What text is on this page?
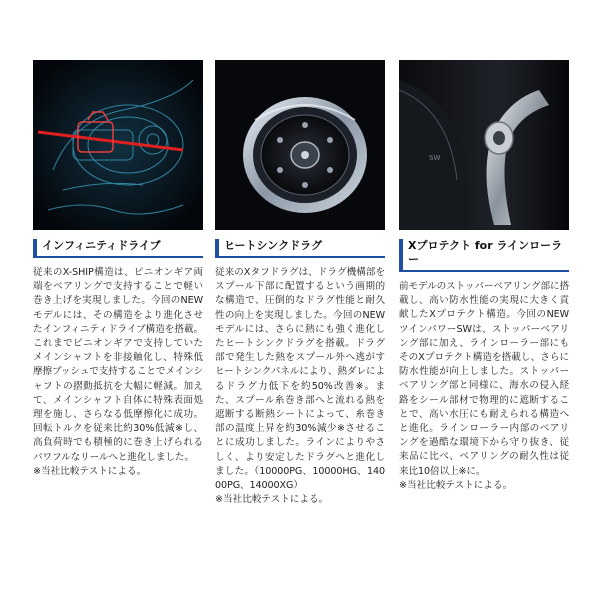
インフィニティドライブ
従来のX-SHIP構造は、ピニオンギア両端をベアリングで支持することで軽い巻き上げを実現しました。今回のNEWモデルには、その構造をより進化させたインフィニティドライブ構造を搭載。これまでピニオンギアで支持していたメインシャフトを非接触化し、特殊低摩擦ブッシュで支持することでメインシャフトの摺動抵抗を大幅に軽減。加えて、メインシャフト自体に特殊表面処理を施し、さらなる低摩擦化に成功。回転トルクを従来比約30%低減※し、高負荷時でも積極的に巻き上げられるパワフルなリールへと進化しました。
※当社比較テストによる。
ヒートシンクドラグ
従来のXタフドラグは、ドラグ機構部をスプール下部に配置するという画期的な構造で、圧倒的なドラグ性能と耐久性の向上を実現しました。今回のNEWモデルには、さらに熱にも強く進化したヒートシンクドラグを搭載。ドラグ部で発生した熱をスプール外へ逃がすヒートシンクパネルにより、熱ダレによるドラグ力低下を約50%改善※。また、スプール糸巻き部へと流れる熱を遮断する断熱シートによって、糸巻き部の温度上昇を約30%減少※させることに成功しました。ラインによりやさしく、より安定したドラグへと進化しました。（10000PG、10000HG、14000PG、14000XG）
※当社比較テストによる。
SW
Xプロテクト for ラインローラー
前モデルのストッパーベアリング部に搭載し、高い防水性能の実現に大きく貢献したXプロテクト構造。今回のNEWツインパワーSWは、ストッパーベアリング部に加え、ラインローラー部にもそのXプロテクト構造を搭載し、さらに防水性能が向上しました。ストッパーベアリング部と同様に、海水の侵入経路をシール部材で物理的に遮断することで、高い水圧にも耐えられる構造へと進化。ラインローラー内部のベアリングを過酷な環境下から守り抜き、従来品に比べ、ベアリングの耐久性は従来比10倍以上※に。
※当社比較テストによる。
